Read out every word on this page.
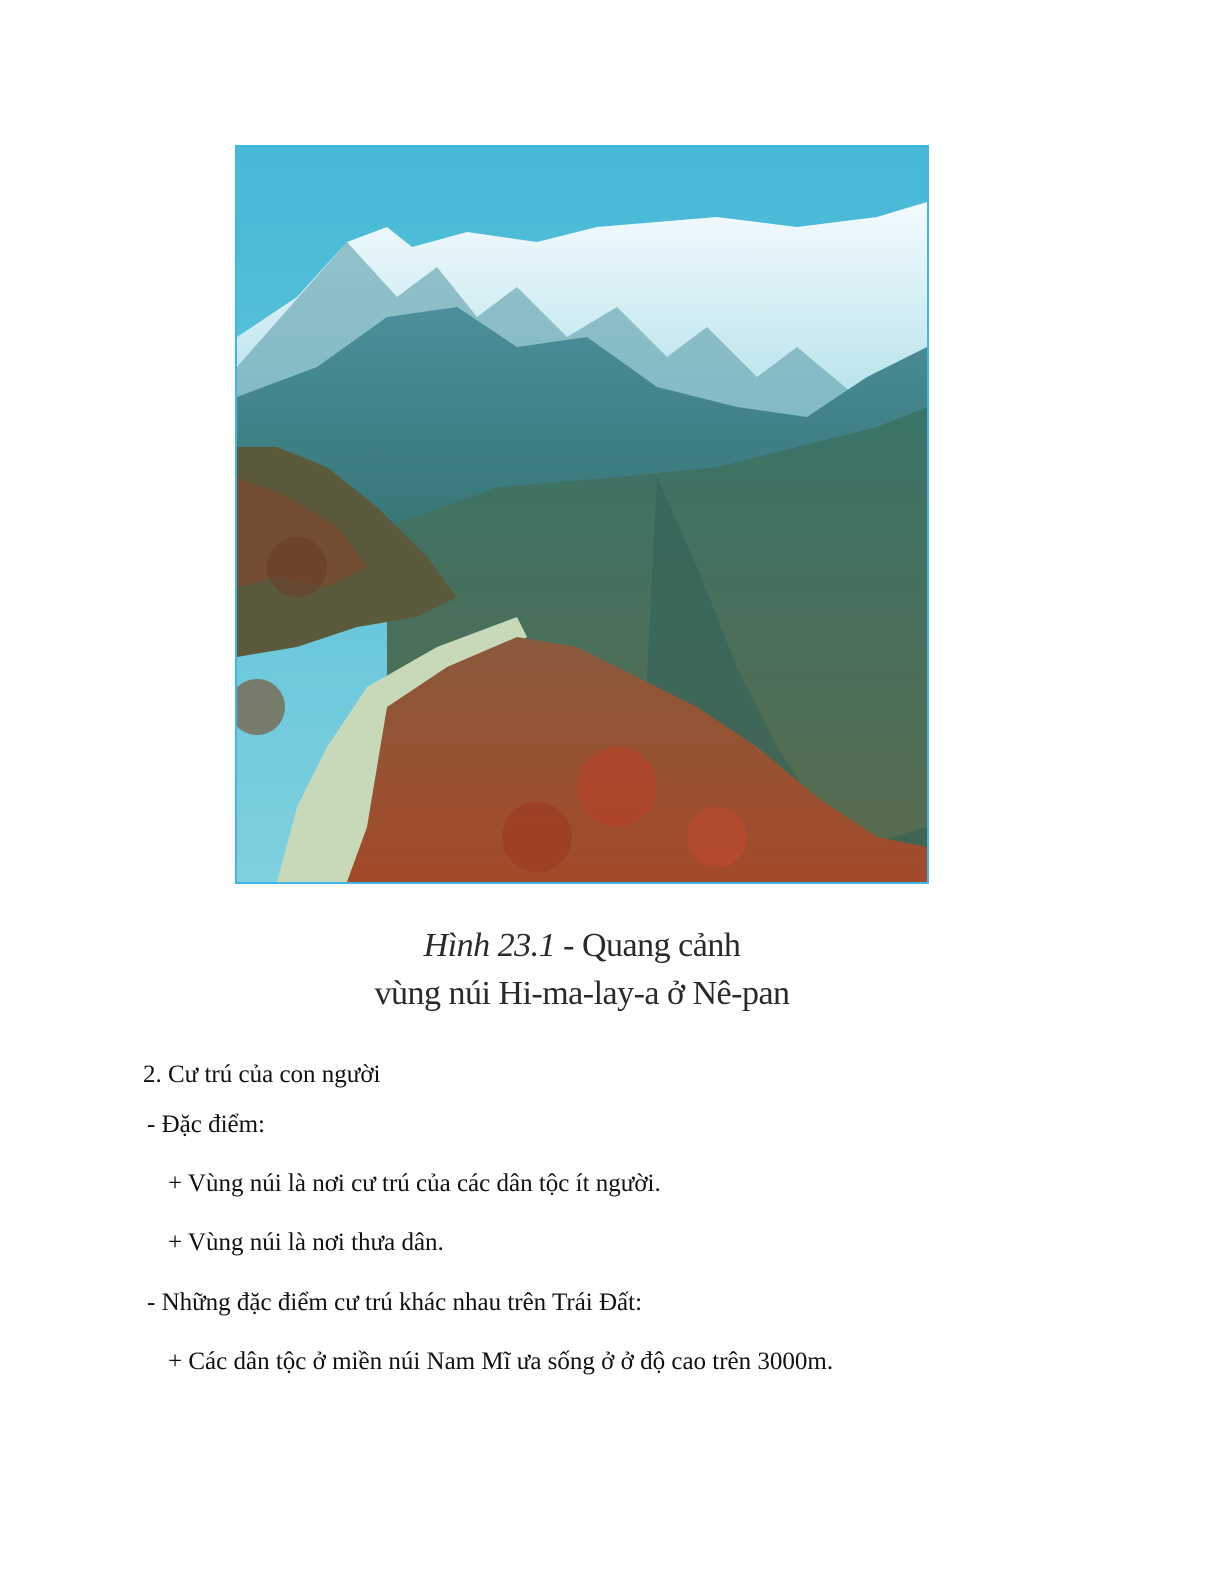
Hình 23.1 - Quang cảnh
vùng núi Hi-ma-lay-a ở Nê-pan
2. Cư trú của con người
- Đặc điểm:
+ Vùng núi là nơi cư trú của các dân tộc ít người.
+ Vùng núi là nơi thưa dân.
- Những đặc điểm cư trú khác nhau trên Trái Đất:
+ Các dân tộc ở miền núi Nam Mĩ ưa sống ở ở độ cao trên 3000m.
